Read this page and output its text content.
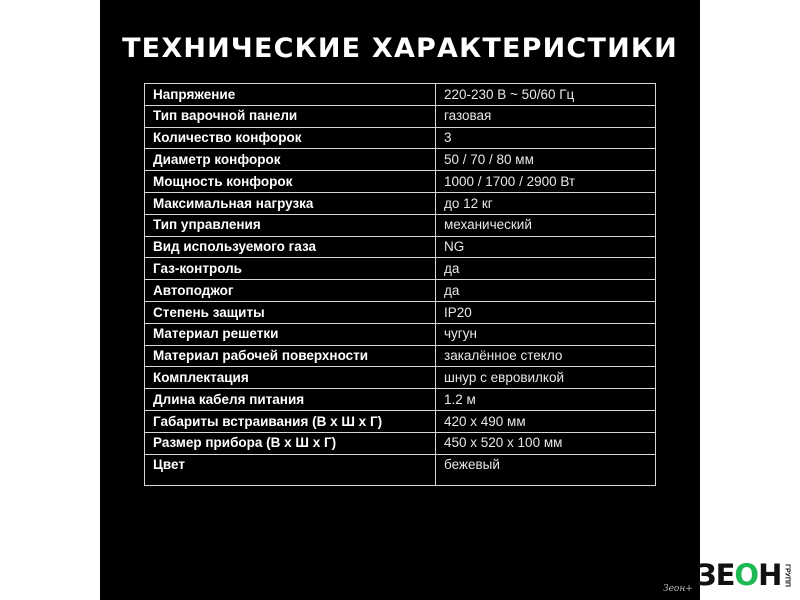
ТЕХНИЧЕСКИЕ ХАРАКТЕРИСТИКИ
Напряжение	220-230 В ~ 50/60 Гц
Тип варочной панели	газовая
Количество конфорок	3
Диаметр конфорок	50 / 70 / 80 мм
Мощность конфорок	1000 / 1700 / 2900 Вт
Максимальная нагрузка	до 12 кг
Тип управления	механический
Вид используемого газа	NG
Газ-контроль	да
Автоподжог	да
Степень защиты	IP20
Материал решетки	чугун
Материал рабочей поверхности	закалённое стекло
Комплектация	шнур с евровилкой
Длина кабеля питания	1.2 м
Габариты встраивания (В х Ш х Г)	420 х 490 мм
Размер прибора (В х Ш х Г)	450 х 520 х 100 мм
Цвет	бежевый
ЗЕОН ГРУПП
Зеон+
